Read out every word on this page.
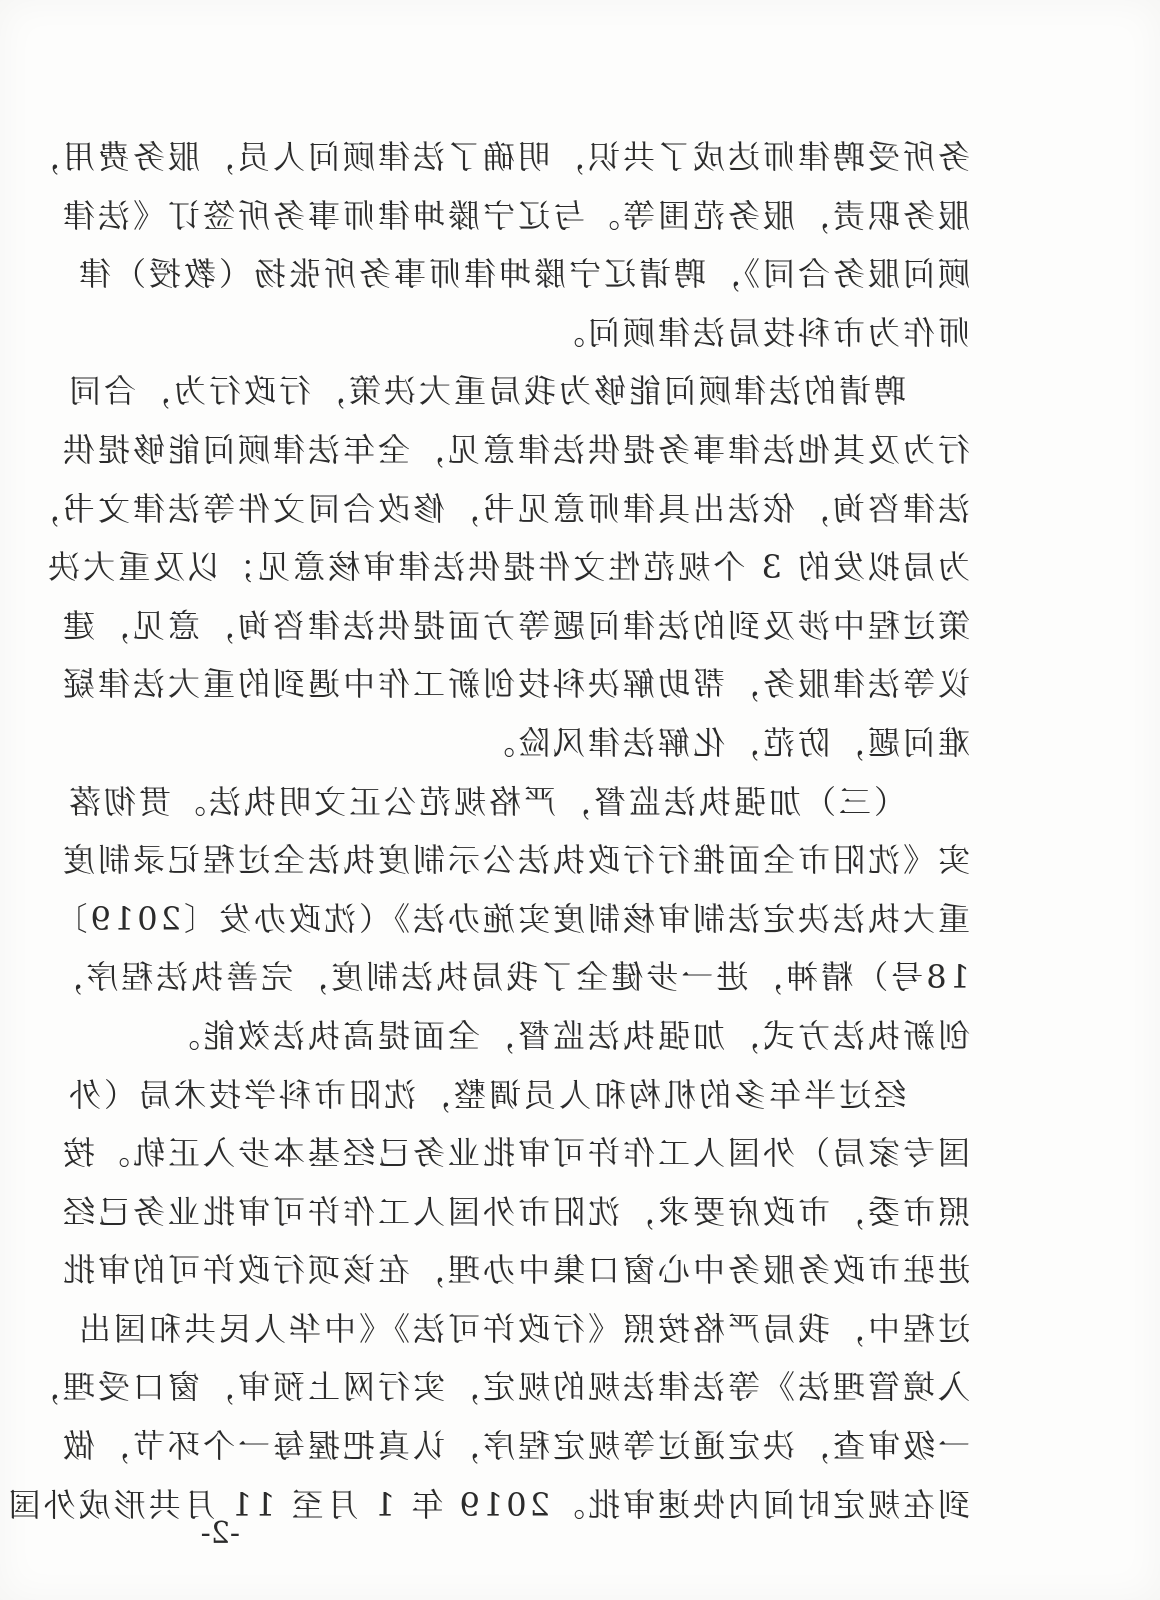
务所受聘律师达成了共识，明确了法律顾问人员，服务费用，
服务职责，服务范围等。与辽宁滕坤律师事务所签订《法律
顾问服务合同》，聘请辽宁滕坤律师事务所张扬（教授）律
师作为市科技局法律顾问。
聘请的法律顾问能够为我局重大决策，行政行为，合同
行为及其他法律事务提供法律意见，全年法律顾问能够提供
法律咨询，依法出具律师意见书，修改合同文件等法律文书，
为局拟发的 3 个规范性文件提供法律审核意见；以及重大决
策过程中涉及到的法律问题等方面提供法律咨询，意见，建
议等法律服务，帮助解决科技创新工作中遇到的重大法律疑
难问题，防范，化解法律风险。
（三）加强执法监督，严格规范公正文明执法。贯彻落
实《沈阳市全面推行行政执法公示制度执法全过程记录制度
重大执法决定法制审核制度实施办法》（沈政办发〔2019〕
18号）精神，进一步健全了我局执法制度，完善执法程序，
创新执法方式，加强执法监督，全面提高执法效能。
经过半年多的机构和人员调整，沈阳市科学技术局（外
国专家局）外国人工作许可审批业务已经基本步入正轨。按
照市委，市政府要求，沈阳市外国人工作许可审批业务已经
进驻市政务服务中心窗口集中办理，在该项行政许可的审批
过程中，我局严格按照《行政许可法》《中华人民共和国出
入境管理法》等法律法规的规定，实行网上预审，窗口受理，
一级审查，决定通过等规定程序，认真把握每一个环节，做
到在规定时间内快速审批。2019 年 1 月至 11 月共形成外国
-2-
